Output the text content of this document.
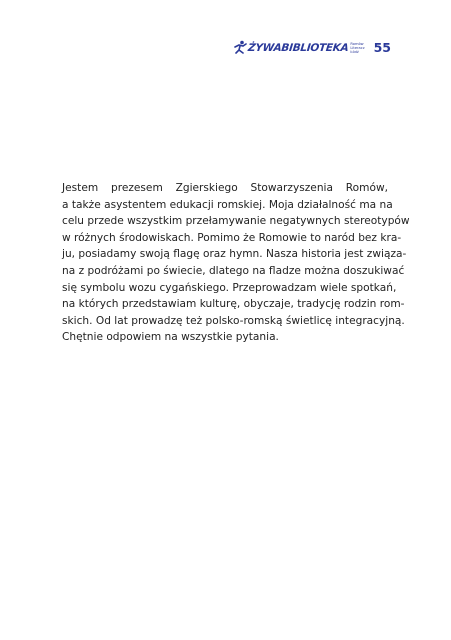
ŻYWABIBLIOTEKA Romów
Literacz
Łódź	55

Jestem prezesem Zgierskiego Stowarzyszenia Romów,
a także asystentem edukacji romskiej. Moja działalność ma na
celu przede wszystkim przełamywanie negatywnych stereotypów
w różnych środowiskach. Pomimo że Romowie to naród bez kra-
ju, posiadamy swoją flagę oraz hymn. Nasza historia jest związa-
na z podróżami po świecie, dlatego na fladze można doszukiwać
się symbolu wozu cygańskiego. Przeprowadzam wiele spotkań,
na których przedstawiam kulturę, obyczaje, tradycję rodzin rom-
skich. Od lat prowadzę też polsko-romską świetlicę integracyjną.
Chętnie odpowiem na wszystkie pytania.
